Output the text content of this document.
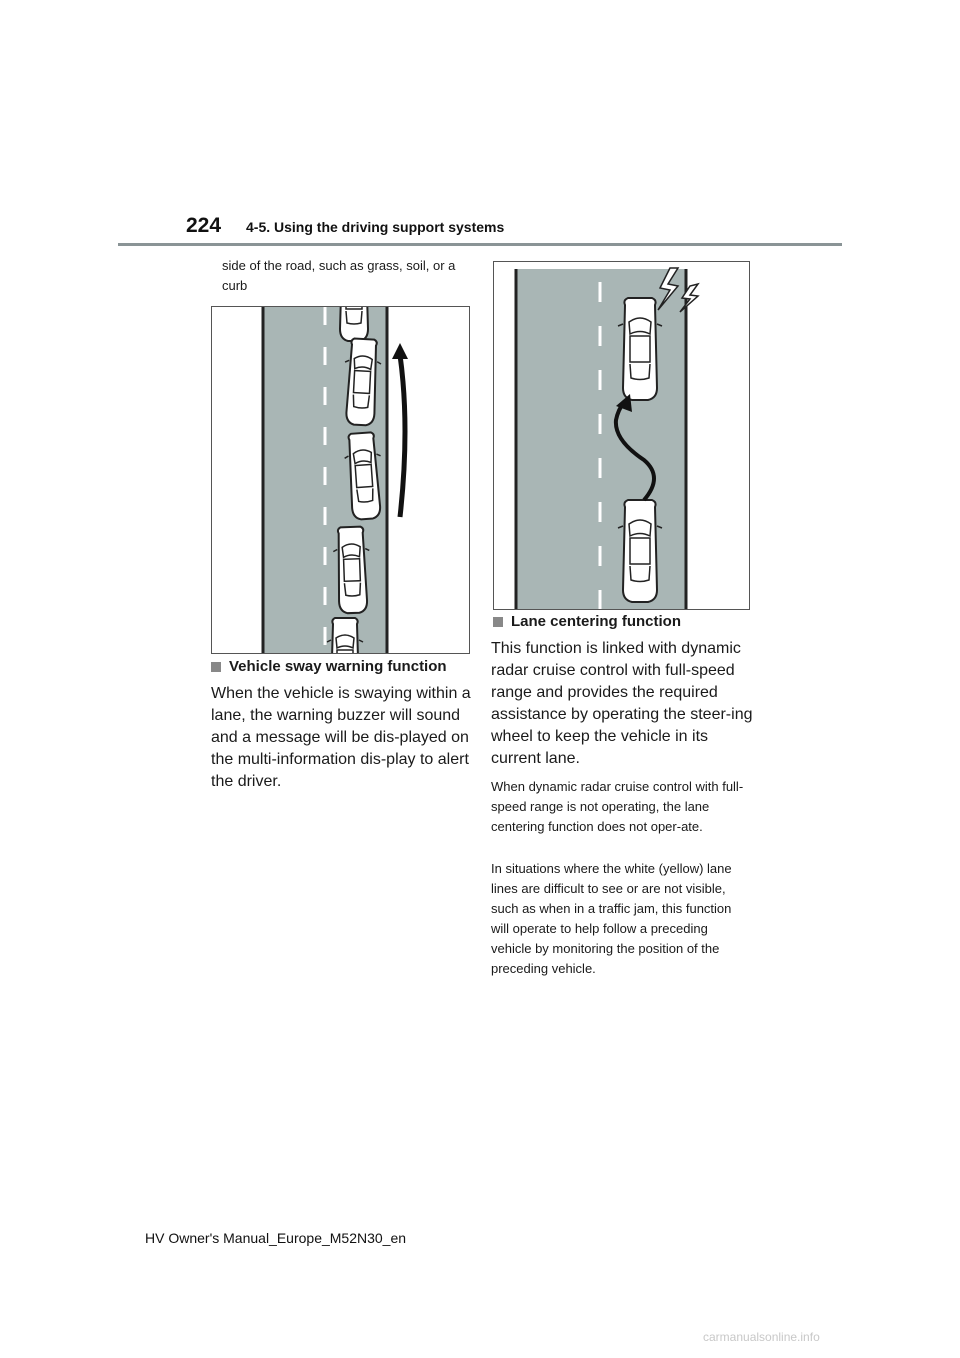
224 4-5. Using the driving support systems

side of the road, such as grass, soil, or a curb

Vehicle sway warning function

When the vehicle is swaying within a lane, the warning buzzer will sound and a message will be dis-played on the multi-information dis-play to alert the driver.

Lane centering function

This function is linked with dynamic radar cruise control with full-speed range and provides the required assistance by operating the steer-ing wheel to keep the vehicle in its current lane.

When dynamic radar cruise control with full-speed range is not operating, the lane centering function does not oper-ate.

In situations where the white (yellow) lane lines are difficult to see or are not visible, such as when in a traffic jam, this function will operate to help follow a preceding vehicle by monitoring the position of the preceding vehicle.

HV Owner's Manual_Europe_M52N30_en
carmanualsonline.info
